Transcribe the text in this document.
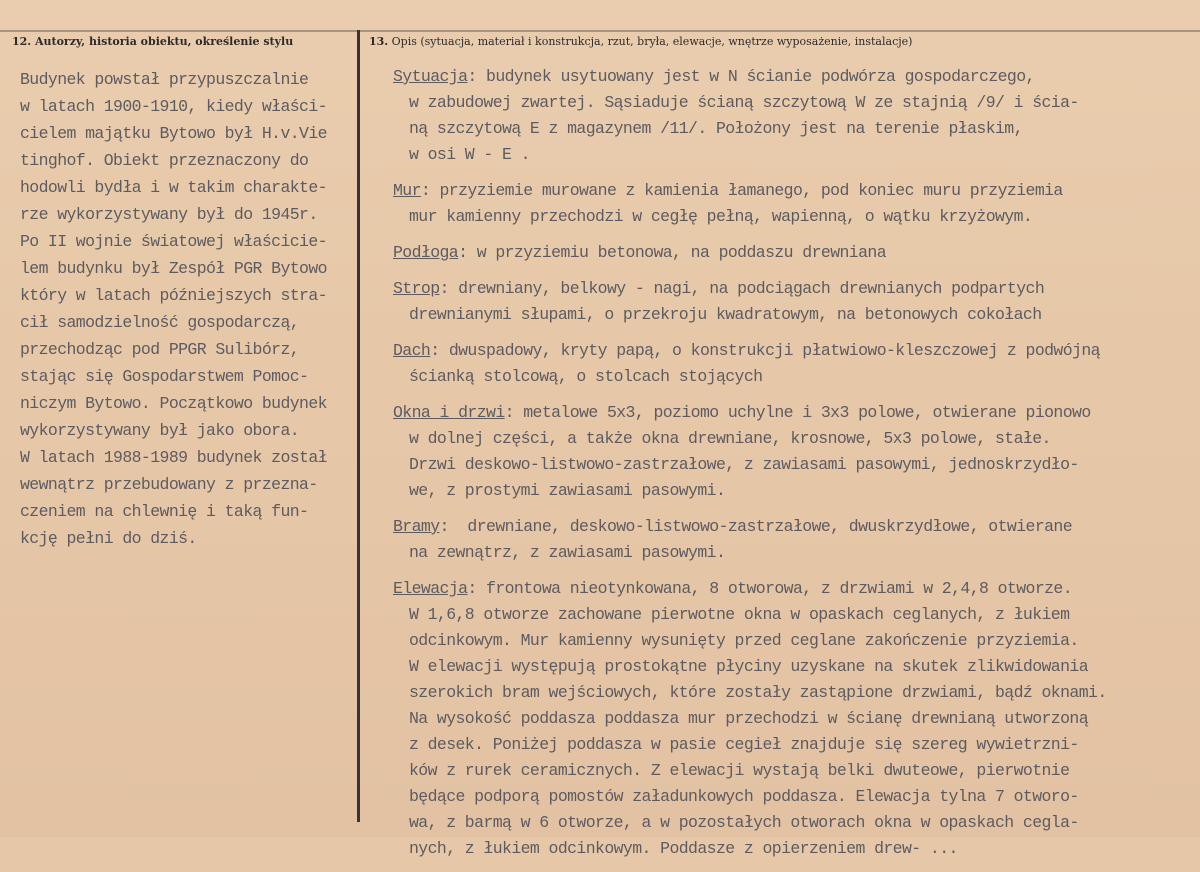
12. Autorzy, historia obiektu, określenie stylu	13. Opis (sytuacja, materiał i konstrukcja, rzut, bryła, elewacje, wnętrze wyposażenie, instalacje)
Budynek powstał przypuszczalnie
w latach 1900-1910, kiedy właści-
cielem majątku Bytowo był H.v.Vie
tinghof. Obiekt przeznaczony do
hodowli bydła i w takim charakte-
rze wykorzystywany był do 1945r.
Po II wojnie światowej właścicie-
lem budynku był Zespół PGR Bytowo
który w latach późniejszych stra-
cił samodzielność gospodarczą,
przechodząc pod PPGR Sulibórz,
stając się Gospodarstwem Pomoc-
niczym Bytowo. Początkowo budynek
wykorzystywany był jako obora.
W latach 1988-1989 budynek został
wewnątrz przebudowany z przezna-
czeniem na chlewnię i taką fun-
kcję pełni do dziś.
Sytuacja: budynek usytuowany jest w N ścianie podwórza gospodarczego,
w zabudowej zwartej. Sąsiaduje ścianą szczytową W ze stajnią /9/ i ścia-
ną szczytową E z magazynem /11/. Położony jest na terenie płaskim,
w osi W - E .
Mur: przyziemie murowane z kamienia łamanego, pod koniec muru przyziemia
mur kamienny przechodzi w cegłę pełną, wapienną, o wątku krzyżowym.
Podłoga: w przyziemiu betonowa, na poddaszu drewniana
Strop: drewniany, belkowy - nagi, na podciągach drewnianych podpartych
drewnianymi słupami, o przekroju kwadratowym, na betonowych cokołach
Dach: dwuspadowy, kryty papą, o konstrukcji płatwiowo-kleszczowej z podwójną
ścianką stolcową, o stolcach stojących
Okna i drzwi: metalowe 5x3, poziomo uchylne i 3x3 polowe, otwierane pionowo
w dolnej części, a także okna drewniane, krosnowe, 5x3 polowe, stałe.
Drzwi deskowo-listwowo-zastrzałowe, z zawiasami pasowymi, jednoskrzydło-
we, z prostymi zawiasami pasowymi.
Bramy:  drewniane, deskowo-listwowo-zastrzałowe, dwuskrzydłowe, otwierane
na zewnątrz, z zawiasami pasowymi.
Elewacja: frontowa nieotynkowana, 8 otworowa, z drzwiami w 2,4,8 otworze.
W 1,6,8 otworze zachowane pierwotne okna w opaskach ceglanych, z łukiem
odcinkowym. Mur kamienny wysunięty przed ceglane zakończenie przyziemia.
W elewacji występują prostokątne płyciny uzyskane na skutek zlikwidowania
szerokich bram wejściowych, które zostały zastąpione drzwiami, bądź oknami.
Na wysokość poddasza poddasza mur przechodzi w ścianę drewnianą utworzoną
z desek. Poniżej poddasza w pasie cegieł znajduje się szereg wywietrzni-
ków z rurek ceramicznych. Z elewacji wystają belki dwuteowe, pierwotnie
będące podporą pomostów załadunkowych poddasza. Elewacja tylna 7 otworo-
wa, z barmą w 6 otworze, a w pozostałych otworach okna w opaskach cegla-
nych, z łukiem odcinkowym. Poddasze z opierzeniem drew- ...
